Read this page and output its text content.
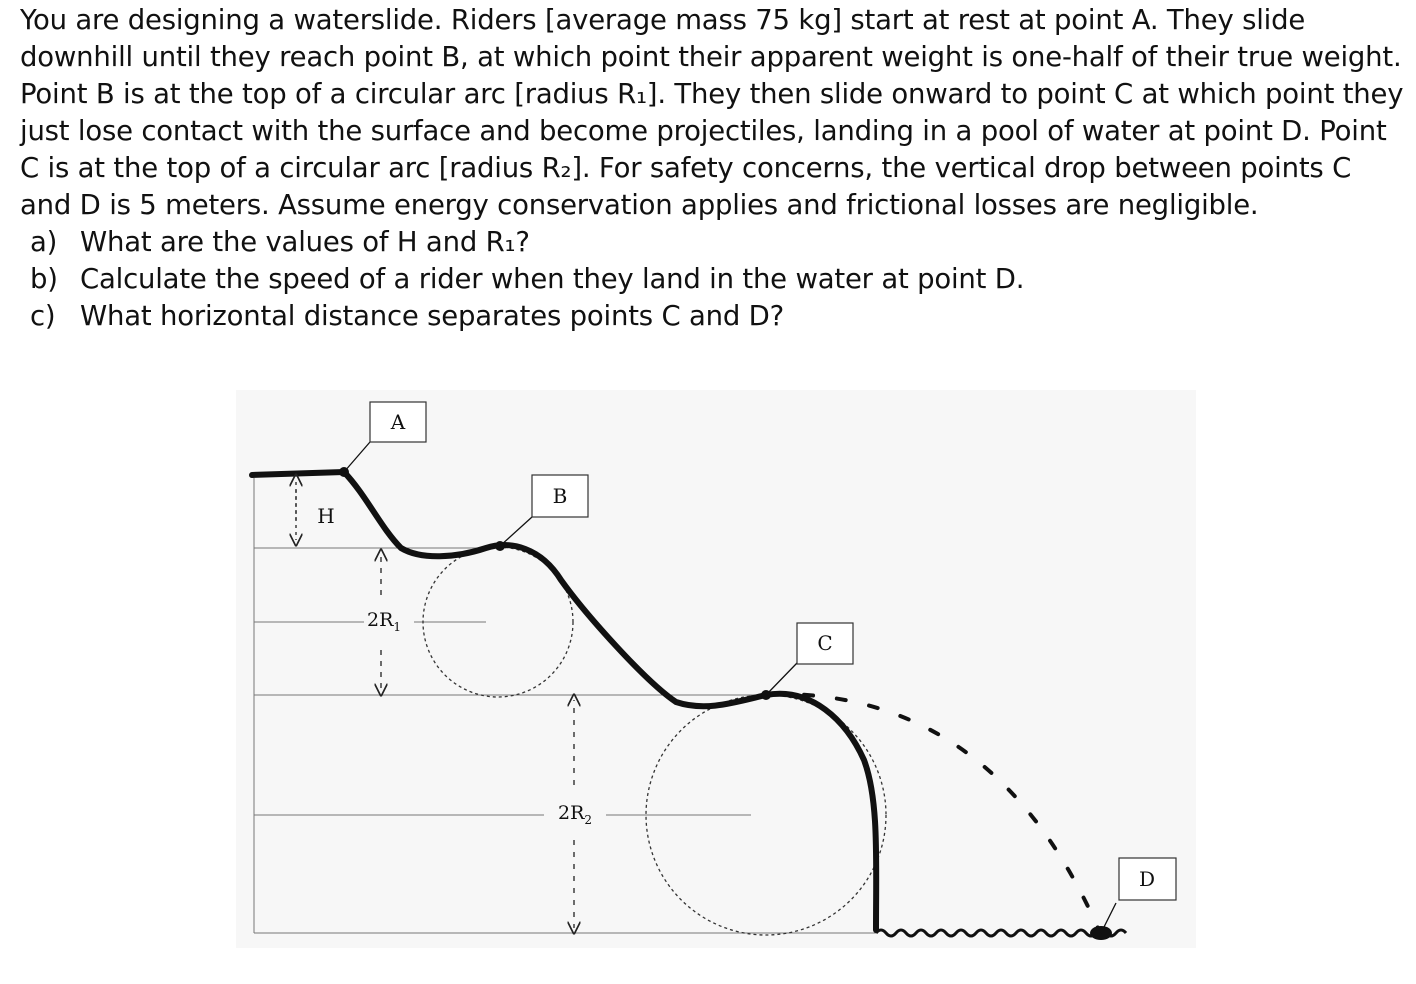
You are designing a waterslide. Riders [average mass 75 kg] start at rest at point A. They slide downhill until they reach point B, at which point their apparent weight is one-half of their true weight. Point B is at the top of a circular arc [radius R₁]. They then slide onward to point C at which point they just lose contact with the surface and become projectiles, landing in a pool of water at point D. Point C is at the top of a circular arc [radius R₂]. For safety concerns, the vertical drop between points C and D is 5 meters. Assume energy conservation applies and frictional losses are negligible.

a) What are the values of H and R₁?
b) Calculate the speed of a rider when they land in the water at point D.
c) What horizontal distance separates points C and D?
A
B
C
D
H
$2R_1$
$2R_2$
